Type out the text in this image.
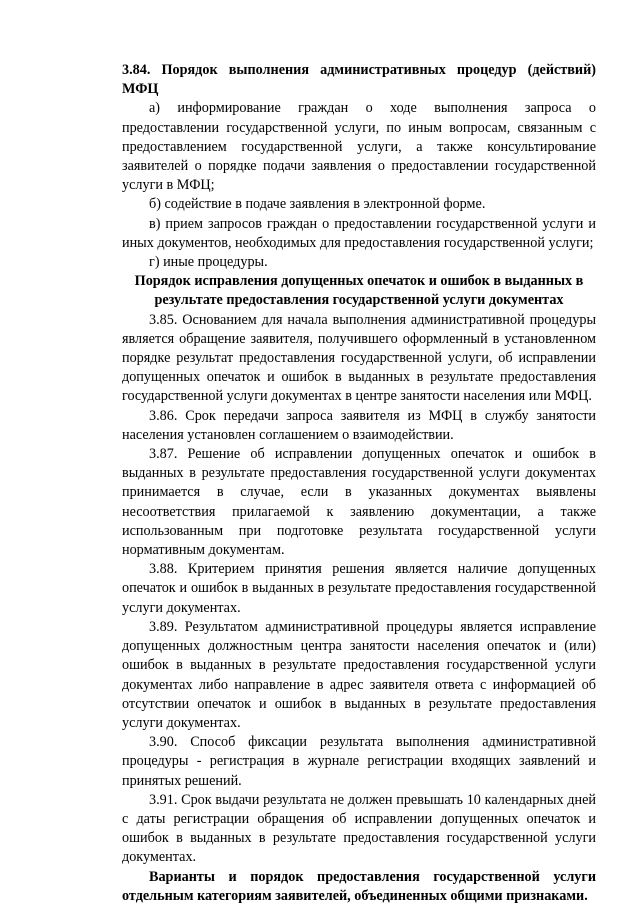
3.84. Порядок выполнения административных процедур (действий) МФЦ

а) информирование граждан о ходе выполнения запроса о предоставлении государственной услуги, по иным вопросам, связанным с предоставлением государственной услуги, а также консультирование заявителей о порядке подачи заявления о предоставлении государственной услуги в МФЦ;

б) содействие в подаче заявления в электронной форме.

в) прием запросов граждан о предоставлении государственной услуги и иных документов, необходимых для предоставления государственной услуги;

г) иные процедуры.

Порядок исправления допущенных опечаток и ошибок в выданных в результате предоставления государственной услуги документах

3.85. Основанием для начала выполнения административной процедуры является обращение заявителя, получившего оформленный в установленном порядке результат предоставления государственной услуги, об исправлении допущенных опечаток и ошибок в выданных в результате предоставления государственной услуги документах в центре занятости населения или МФЦ.

3.86. Срок передачи запроса заявителя из МФЦ в службу занятости населения установлен соглашением о взаимодействии.

3.87. Решение об исправлении допущенных опечаток и ошибок в выданных в результате предоставления государственной услуги документах принимается в случае, если в указанных документах выявлены несоответствия прилагаемой к заявлению документации, а также использованным при подготовке результата государственной услуги нормативным документам.

3.88. Критерием принятия решения является наличие допущенных опечаток и ошибок в выданных в результате предоставления государственной услуги документах.

3.89. Результатом административной процедуры является исправление допущенных должностным центра занятости населения опечаток и (или) ошибок в выданных в результате предоставления государственной услуги документах либо направление в адрес заявителя ответа с информацией об отсутствии опечаток и ошибок в выданных в результате предоставления услуги документах.

3.90. Способ фиксации результата выполнения административной процедуры - регистрация в журнале регистрации входящих заявлений и принятых решений.

3.91. Срок выдачи результата не должен превышать 10 календарных дней с даты регистрации обращения об исправлении допущенных опечаток и ошибок в выданных в результате предоставления государственной услуги документах.

Варианты и порядок предоставления государственной услуги отдельным категориям заявителей, объединенных общими признаками.
